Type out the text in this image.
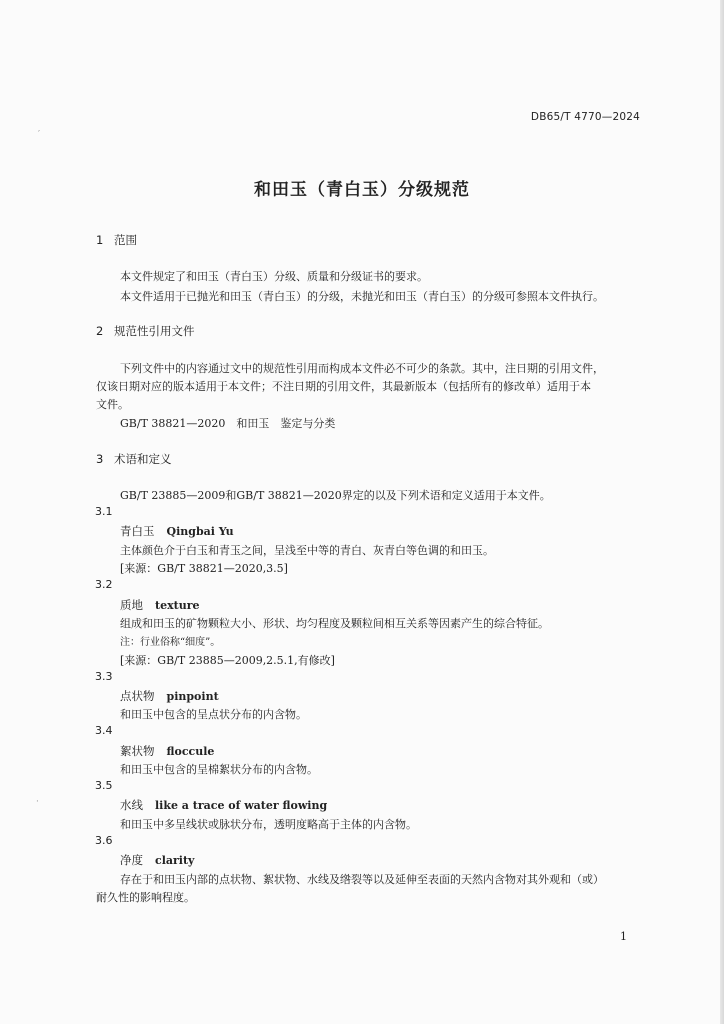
DB65/T 4770—2024
和田玉（青白玉）分级规范
1 范围
本文件规定了和田玉（青白玉）分级、质量和分级证书的要求。
本文件适用于已抛光和田玉（青白玉）的分级，未抛光和田玉（青白玉）的分级可参照本文件执行。
2 规范性引用文件
下列文件中的内容通过文中的规范性引用而构成本文件必不可少的条款。其中，注日期的引用文件，
仅该日期对应的版本适用于本文件；不注日期的引用文件，其最新版本（包括所有的修改单）适用于本
文件。
GB/T 38821—2020　和田玉　鉴定与分类
3 术语和定义
GB/T 23885—2009和GB/T 38821—2020界定的以及下列术语和定义适用于本文件。
3.1
青白玉 Qingbai Yu
主体颜色介于白玉和青玉之间，呈浅至中等的青白、灰青白等色调的和田玉。
[来源：GB/T 38821—2020,3.5]
3.2
质地 texture
组成和田玉的矿物颗粒大小、形状、均匀程度及颗粒间相互关系等因素产生的综合特征。
注：行业俗称“细度”。
[来源：GB/T 23885—2009,2.5.1,有修改]
3.3
点状物 pinpoint
和田玉中包含的呈点状分布的内含物。
3.4
絮状物 floccule
和田玉中包含的呈棉絮状分布的内含物。
3.5
水线 like a trace of water flowing
和田玉中多呈线状或脉状分布，透明度略高于主体的内含物。
3.6
净度 clarity
存在于和田玉内部的点状物、絮状物、水线及绺裂等以及延伸至表面的天然内含物对其外观和（或）
耐久性的影响程度。
1
′
·
